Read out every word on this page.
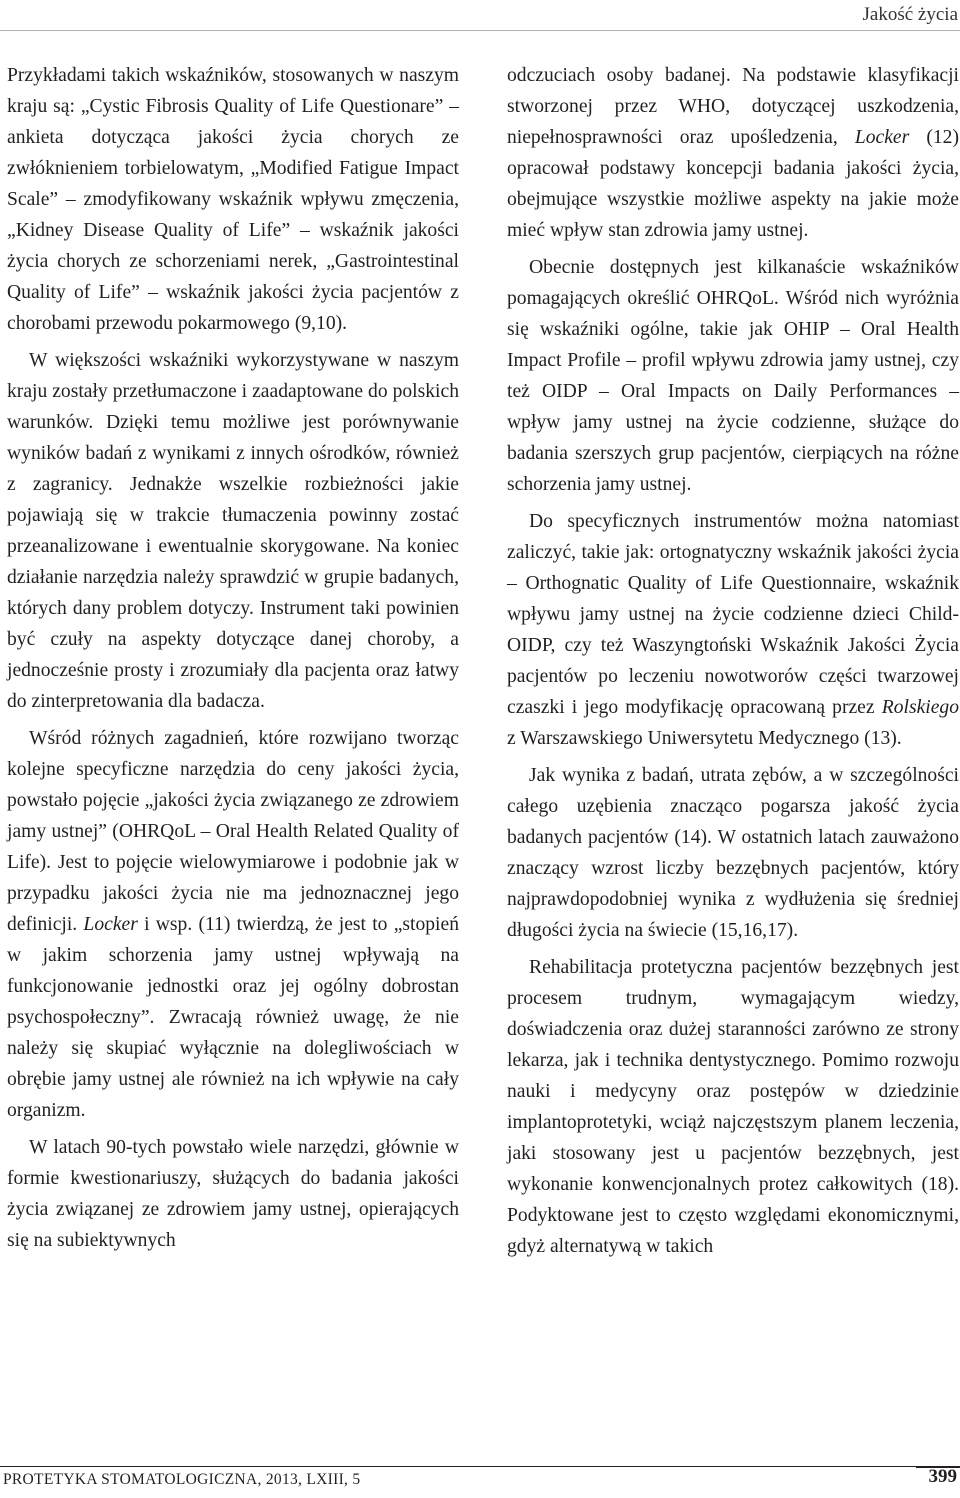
Jakość życia

Przykładami takich wskaźników, stosowanych w naszym kraju są: „Cystic Fibrosis Quality of Life Questionare” – ankieta dotycząca jakości życia chorych ze zwłóknieniem torbielowatym, „Modified Fatigue Impact Scale” – zmodyfikowany wskaźnik wpływu zmęczenia, „Kidney Disease Quality of Life” – wskaźnik jakości życia chorych ze schorzeniami nerek, „Gastrointestinal Quality of Life” – wskaźnik jakości życia pacjentów z chorobami przewodu pokarmowego (9,10).

W większości wskaźniki wykorzystywane w naszym kraju zostały przetłumaczone i zaadaptowane do polskich warunków. Dzięki temu możliwe jest porównywanie wyników badań z wynikami z innych ośrodków, również z zagranicy. Jednakże wszelkie rozbieżności jakie pojawiają się w trakcie tłumaczenia powinny zostać przeanalizowane i ewentualnie skorygowane. Na koniec działanie narzędzia należy sprawdzić w grupie badanych, których dany problem dotyczy. Instrument taki powinien być czuły na aspekty dotyczące danej choroby, a jednocześnie prosty i zrozumiały dla pacjenta oraz łatwy do zinterpretowania dla badacza.

Wśród różnych zagadnień, które rozwijano tworząc kolejne specyficzne narzędzia do ceny jakości życia, powstało pojęcie „jakości życia związanego ze zdrowiem jamy ustnej” (OHRQoL – Oral Health Related Quality of Life). Jest to pojęcie wielowymiarowe i podobnie jak w przypadku jakości życia nie ma jednoznacznej jego definicji. Locker i wsp. (11) twierdzą, że jest to „stopień w jakim schorzenia jamy ustnej wpływają na funkcjonowanie jednostki oraz jej ogólny dobrostan psychospołeczny”. Zwracają również uwagę, że nie należy się skupiać wyłącznie na dolegliwościach w obrębie jamy ustnej ale również na ich wpływie na cały organizm.

W latach 90-tych powstało wiele narzędzi, głównie w formie kwestionariuszy, służących do badania jakości życia związanej ze zdrowiem jamy ustnej, opierających się na subiektywnych

odczuciach osoby badanej. Na podstawie klasyfikacji stworzonej przez WHO, dotyczącej uszkodzenia, niepełnosprawności oraz upośledzenia, Locker (12) opracował podstawy koncepcji badania jakości życia, obejmujące wszystkie możliwe aspekty na jakie może mieć wpływ stan zdrowia jamy ustnej.

Obecnie dostępnych jest kilkanaście wskaźników pomagających określić OHRQoL. Wśród nich wyróżnia się wskaźniki ogólne, takie jak OHIP – Oral Health Impact Profile – profil wpływu zdrowia jamy ustnej, czy też OIDP – Oral Impacts on Daily Performances – wpływ jamy ustnej na życie codzienne, służące do badania szerszych grup pacjentów, cierpiących na różne schorzenia jamy ustnej.

Do specyficznych instrumentów można natomiast zaliczyć, takie jak: ortognatyczny wskaźnik jakości życia – Orthognatic Quality of Life Questionnaire, wskaźnik wpływu jamy ustnej na życie codzienne dzieci Child-OIDP, czy też Waszyngtoński Wskaźnik Jakości Życia pacjentów po leczeniu nowotworów części twarzowej czaszki i jego modyfikację opracowaną przez Rolskiego z Warszawskiego Uniwersytetu Medycznego (13).

Jak wynika z badań, utrata zębów, a w szczególności całego uzębienia znacząco pogarsza jakość życia badanych pacjentów (14). W ostatnich latach zauważono znaczący wzrost liczby bezzębnych pacjentów, który najprawdopodobniej wynika z wydłużenia się średniej długości życia na świecie (15,16,17).

Rehabilitacja protetyczna pacjentów bezzębnych jest procesem trudnym, wymagającym wiedzy, doświadczenia oraz dużej staranności zarówno ze strony lekarza, jak i technika dentystycznego. Pomimo rozwoju nauki i medycyny oraz postępów w dziedzinie implantoprotetyki, wciąż najczęstszym planem leczenia, jaki stosowany jest u pacjentów bezzębnych, jest wykonanie konwencjonalnych protez całkowitych (18). Podyktowane jest to często względami ekonomicznymi, gdyż alternatywą w takich

PROTETYKA STOMATOLOGICZNA, 2013, LXIII, 5	399
